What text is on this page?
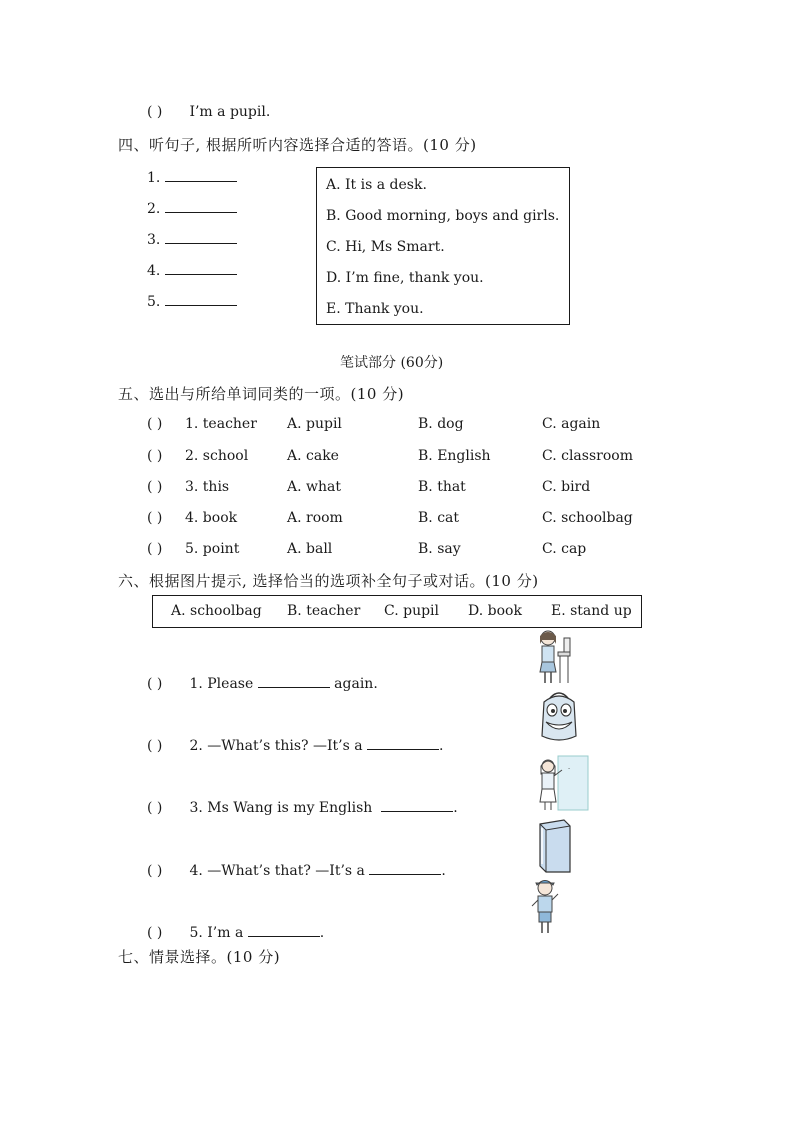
( ) I’m a pupil.
四、听句子, 根据所听内容选择合适的答语。(10 分)
1.
2.
3.
4.
5.
A. It is a desk.
B. Good morning, boys and girls.
C. Hi, Ms Smart.
D. I’m fine, thank you.
E. Thank you.
笔试部分 (60分)
五、选出与所给单词同类的一项。(10 分)
( ) 1. teacher A. pupil	B. dog	C. again
( ) 2. school	A. cake	B. English	C. classroom
( ) 3. this	A. what	B. that	C. bird
( ) 4. book	A. room	B. cat	C. schoolbag
( ) 5. point	A. ball	B. say	C. cap
六、根据图片提示, 选择恰当的选项补全句子或对话。(10 分)
A. schoolbag B. teacher C. pupil D. book E. stand up
( ) 1. Please	again.
( ) 2. —What’s this? —It’s a	.
( ) 3. Ms Wang is my English	.
( ) 4. —What’s that? —It’s a	.
( ) 5. I’m a	.
-
七、情景选择。(10 分)
